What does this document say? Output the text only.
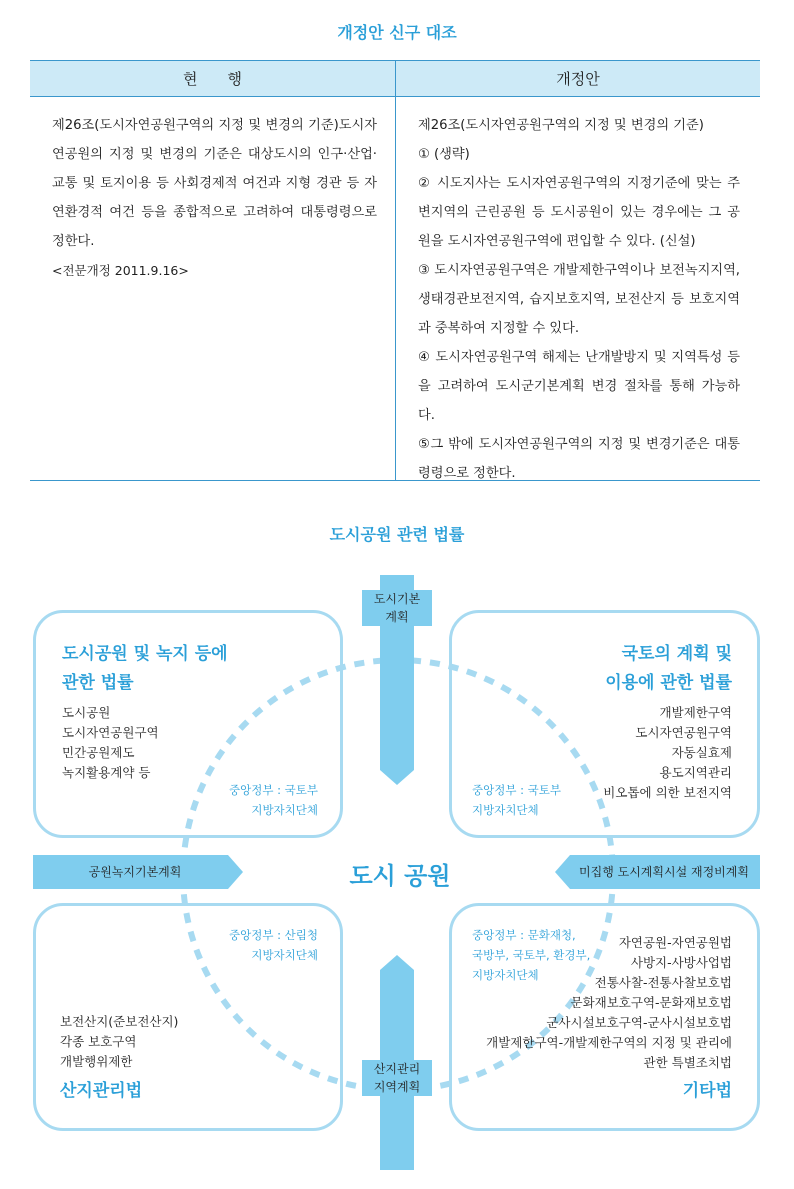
개정안 신구 대조
현행	개정안

제26조(도시자연공원구역의 지정 및 변경의 기준)도시자연공원의 지정 및 변경의 기준은 대상도시의 인구·산업·교통 및 토지이용 등 사회경제적 여건과 지형 경관 등 자연환경적 여건 등을 종합적으로 고려하여 대통령령으로 정한다.

<전문개정 2011.9.16>

제26조(도시자연공원구역의 지정 및 변경의 기준)

① (생략)

② 시도지사는 도시자연공원구역의 지정기준에 맞는 주변지역의 근린공원 등 도시공원이 있는 경우에는 그 공원을 도시자연공원구역에 편입할 수 있다. (신설)

③ 도시자연공원구역은 개발제한구역이나 보전녹지지역, 생태경관보전지역, 습지보호지역, 보전산지 등 보호지역과 중복하여 지정할 수 있다.

④ 도시자연공원구역 해제는 난개발방지 및 지역특성 등을 고려하여 도시군기본계획 변경 절차를 통해 가능하다.

⑤그 밖에 도시자연공원구역의 지정 및 변경기준은 대통령령으로 정한다.

도시공원 관련 법률
도시기본
계획
산지관리
지역계획
공원녹지기본계획	미집행 도시계획시설 재정비계획
도시 공원
도시공원 및 녹지 등에
관한 법률
도시공원
도시자연공원구역
민간공원제도
녹지활용계약 등
중앙정부 : 국토부
지방자치단체
국토의 계획 및
이용에 관한 법률
개발제한구역
도시자연공원구역
자동실효제
용도지역관리
비오톱에 의한 보전지역
중앙정부 : 국토부
지방자치단체
중앙정부 : 산림청
지방자치단체
보전산지(준보전산지)
각종 보호구역
개발행위제한
산지관리법
중앙정부 : 문화재청,
국방부, 국토부, 환경부,
지방자치단체
자연공원-자연공원법
사방지-사방사업법
전통사찰-전통사찰보호법
문화재보호구역-문화재보호법
군사시설보호구역-군사시설보호법
개발제한구역-개발제한구역의 지정 및 관리에
관한 특별조치법
기타법
